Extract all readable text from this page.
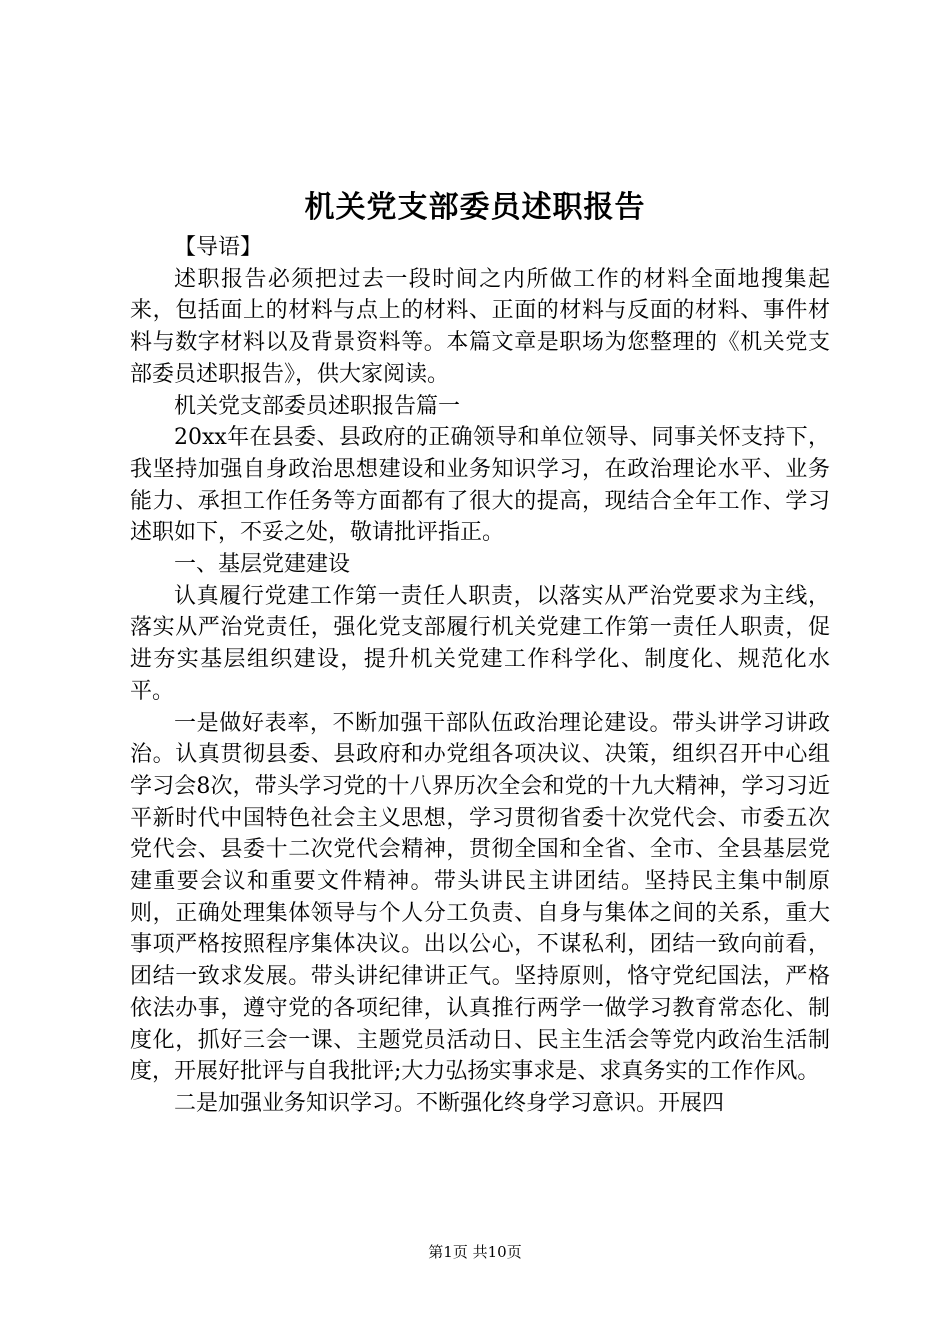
机关党支部委员述职报告

【导语】

述职报告必须把过去一段时间之内所做工作的材料全面地搜集起来，包括面上的材料与点上的材料、正面的材料与反面的材料、事件材料与数字材料以及背景资料等。本篇文章是职场为您整理的《机关党支部委员述职报告》，供大家阅读。

机关党支部委员述职报告篇一

20xx年在县委、县政府的正确领导和单位领导、同事关怀支持下，我坚持加强自身政治思想建设和业务知识学习，在政治理论水平、业务能力、承担工作任务等方面都有了很大的提高，现结合全年工作、学习述职如下，不妥之处，敬请批评指正。

一、基层党建建设

认真履行党建工作第一责任人职责，以落实从严治党要求为主线，落实从严治党责任，强化党支部履行机关党建工作第一责任人职责，促进夯实基层组织建设，提升机关党建工作科学化、制度化、规范化水平。

一是做好表率，不断加强干部队伍政治理论建设。带头讲学习讲政治。认真贯彻县委、县政府和办党组各项决议、决策，组织召开中心组学习会8次，带头学习党的十八界历次全会和党的十九大精神，学习习近平新时代中国特色社会主义思想，学习贯彻省委十次党代会、市委五次党代会、县委十二次党代会精神，贯彻全国和全省、全市、全县基层党建重要会议和重要文件精神。带头讲民主讲团结。坚持民主集中制原则，正确处理集体领导与个人分工负责、自身与集体之间的关系，重大事项严格按照程序集体决议。出以公心，不谋私利，团结一致向前看，团结一致求发展。带头讲纪律讲正气。坚持原则，恪守党纪国法，严格依法办事，遵守党的各项纪律，认真推行两学一做学习教育常态化、制度化，抓好三会一课、主题党员活动日、民主生活会等党内政治生活制度，开展好批评与自我批评;大力弘扬实事求是、求真务实的工作作风。

二是加强业务知识学习。不断强化终身学习意识。开展四

第1页 共10页
